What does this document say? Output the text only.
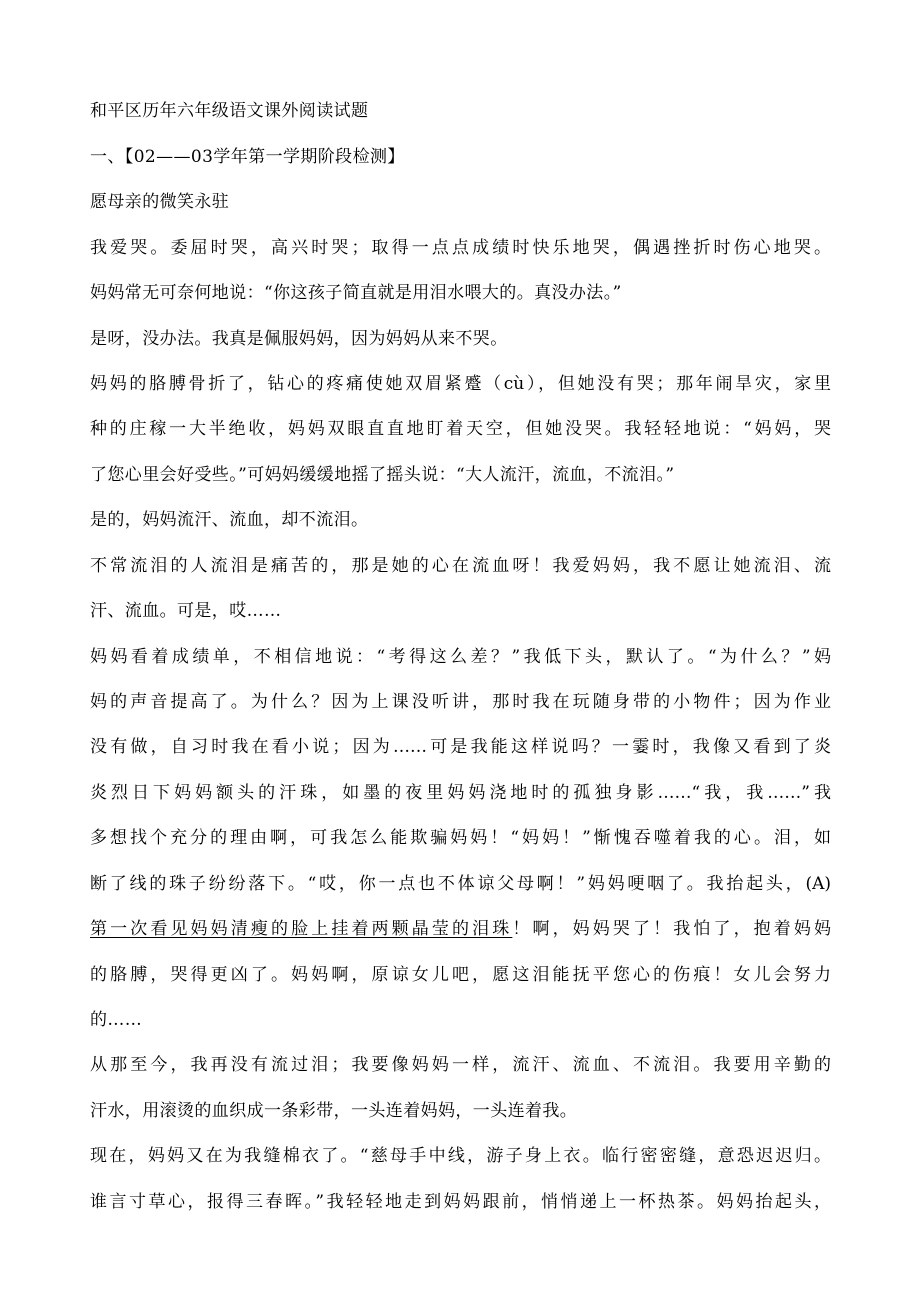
和平区历年六年级语文课外阅读试题
一、【02——03学年第一学期阶段检测】
愿母亲的微笑永驻
我爱哭。委屈时哭，高兴时哭；取得一点点成绩时快乐地哭，偶遇挫折时伤心地哭。
妈妈常无可奈何地说：“你这孩子简直就是用泪水喂大的。真没办法。”
是呀，没办法。我真是佩服妈妈，因为妈妈从来不哭。
妈妈的胳膊骨折了，钻心的疼痛使她双眉紧蹙（cù），但她没有哭；那年闹旱灾，家里
种的庄稼一大半绝收，妈妈双眼直直地盯着天空，但她没哭。我轻轻地说：“妈妈，哭
了您心里会好受些。”可妈妈缓缓地摇了摇头说：“大人流汗，流血，不流泪。”
是的，妈妈流汗、流血，却不流泪。
不常流泪的人流泪是痛苦的，那是她的心在流血呀！我爱妈妈，我不愿让她流泪、流
汗、流血。可是，哎……
妈妈看着成绩单，不相信地说：“考得这么差？”我低下头，默认了。“为什么？”妈
妈的声音提高了。为什么？因为上课没听讲，那时我在玩随身带的小物件；因为作业
没有做，自习时我在看小说；因为……可是我能这样说吗？一霎时，我像又看到了炎
炎烈日下妈妈额头的汗珠，如墨的夜里妈妈浇地时的孤独身影……“我，我……”我
多想找个充分的理由啊，可我怎么能欺骗妈妈！“妈妈！”惭愧吞噬着我的心。泪，如
断了线的珠子纷纷落下。“哎，你一点也不体谅父母啊！”妈妈哽咽了。我抬起头，(A)
第一次看见妈妈清瘦的脸上挂着两颗晶莹的泪珠！啊，妈妈哭了！我怕了，抱着妈妈
的胳膊，哭得更凶了。妈妈啊，原谅女儿吧，愿这泪能抚平您心的伤痕！女儿会努力
的……
从那至今，我再没有流过泪；我要像妈妈一样，流汗、流血、不流泪。我要用辛勤的
汗水，用滚烫的血织成一条彩带，一头连着妈妈，一头连着我。
现在，妈妈又在为我缝棉衣了。“慈母手中线，游子身上衣。临行密密缝，意恐迟迟归。
谁言寸草心，报得三春晖。”我轻轻地走到妈妈跟前，悄悄递上一杯热茶。妈妈抬起头，
